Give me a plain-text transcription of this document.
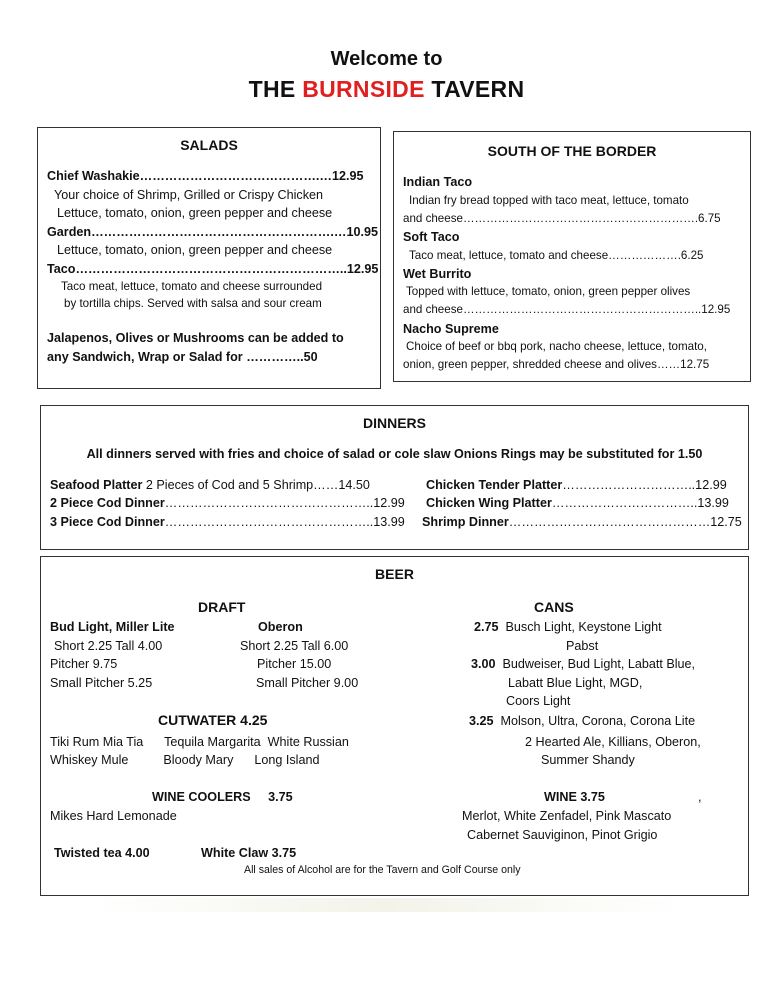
Welcome to
THE BURNSIDE TAVERN
SALADS
Chief Washakie…………………………………….…12.95
Your choice of Shrimp, Grilled or Crispy Chicken
Lettuce, tomato, onion, green pepper and cheese
Garden………………………………………………….…10.95
Lettuce, tomato, onion, green pepper and cheese
Taco………………………………………………………..12.95
Taco meat, lettuce, tomato and cheese surrounded
by tortilla chips. Served with salsa and sour cream
Jalapenos, Olives or Mushrooms can be added to
any Sandwich, Wrap or Salad for …………..50
SOUTH OF THE BORDER
Indian Taco
Indian fry bread topped with taco meat, lettuce, tomato
and cheese…………………………………………………….6.75
Soft Taco
Taco meat, lettuce, tomato and cheese……………….6.25
Wet Burrito
Topped with lettuce, tomato, onion, green pepper olives
and cheese……………………………………………………..12.95
Nacho Supreme
Choice of beef or bbq pork, nacho cheese, lettuce, tomato,
onion, green pepper, shredded cheese and olives……12.75
DINNERS
All dinners served with fries and choice of salad or cole slaw Onions Rings may be substituted for 1.50
Seafood Platter 2 Pieces of Cod and 5 Shrimp……14.50
2 Piece Cod Dinner…………………………………………..12.99
3 Piece Cod Dinner…………………………………………..13.99
Chicken Tender Platter…………………………..12.99
Chicken Wing Platter……………………………..13.99
Shrimp Dinner…………………………………………12.75
BEER
DRAFT
Bud Light, Miller Lite
Short 2.25 Tall 4.00
Pitcher 9.75
Small Pitcher 5.25
Oberon
Short 2.25 Tall 6.00
Pitcher 15.00
Small Pitcher 9.00
CUTWATER 4.25
Tiki Rum Mia Tia      Tequila Margarita  White Russian
Whiskey Mule          Bloody Mary      Long Island
CANS
2.75 Busch Light, Keystone Light
Pabst
3.00 Budweiser, Bud Light, Labatt Blue,
Labatt Blue Light, MGD,
Coors Light
3.25 Molson, Ultra, Corona, Corona Lite
2 Hearted Ale, Killians, Oberon,
Summer Shandy
WINE COOLERS     3.75
Mikes Hard Lemonade
WINE 3.75	,
Merlot, White Zenfadel, Pink Mascato
Cabernet Sauviginon, Pinot Grigio
Twisted tea 4.00	White Claw 3.75
All sales of Alcohol are for the Tavern and Golf Course only
